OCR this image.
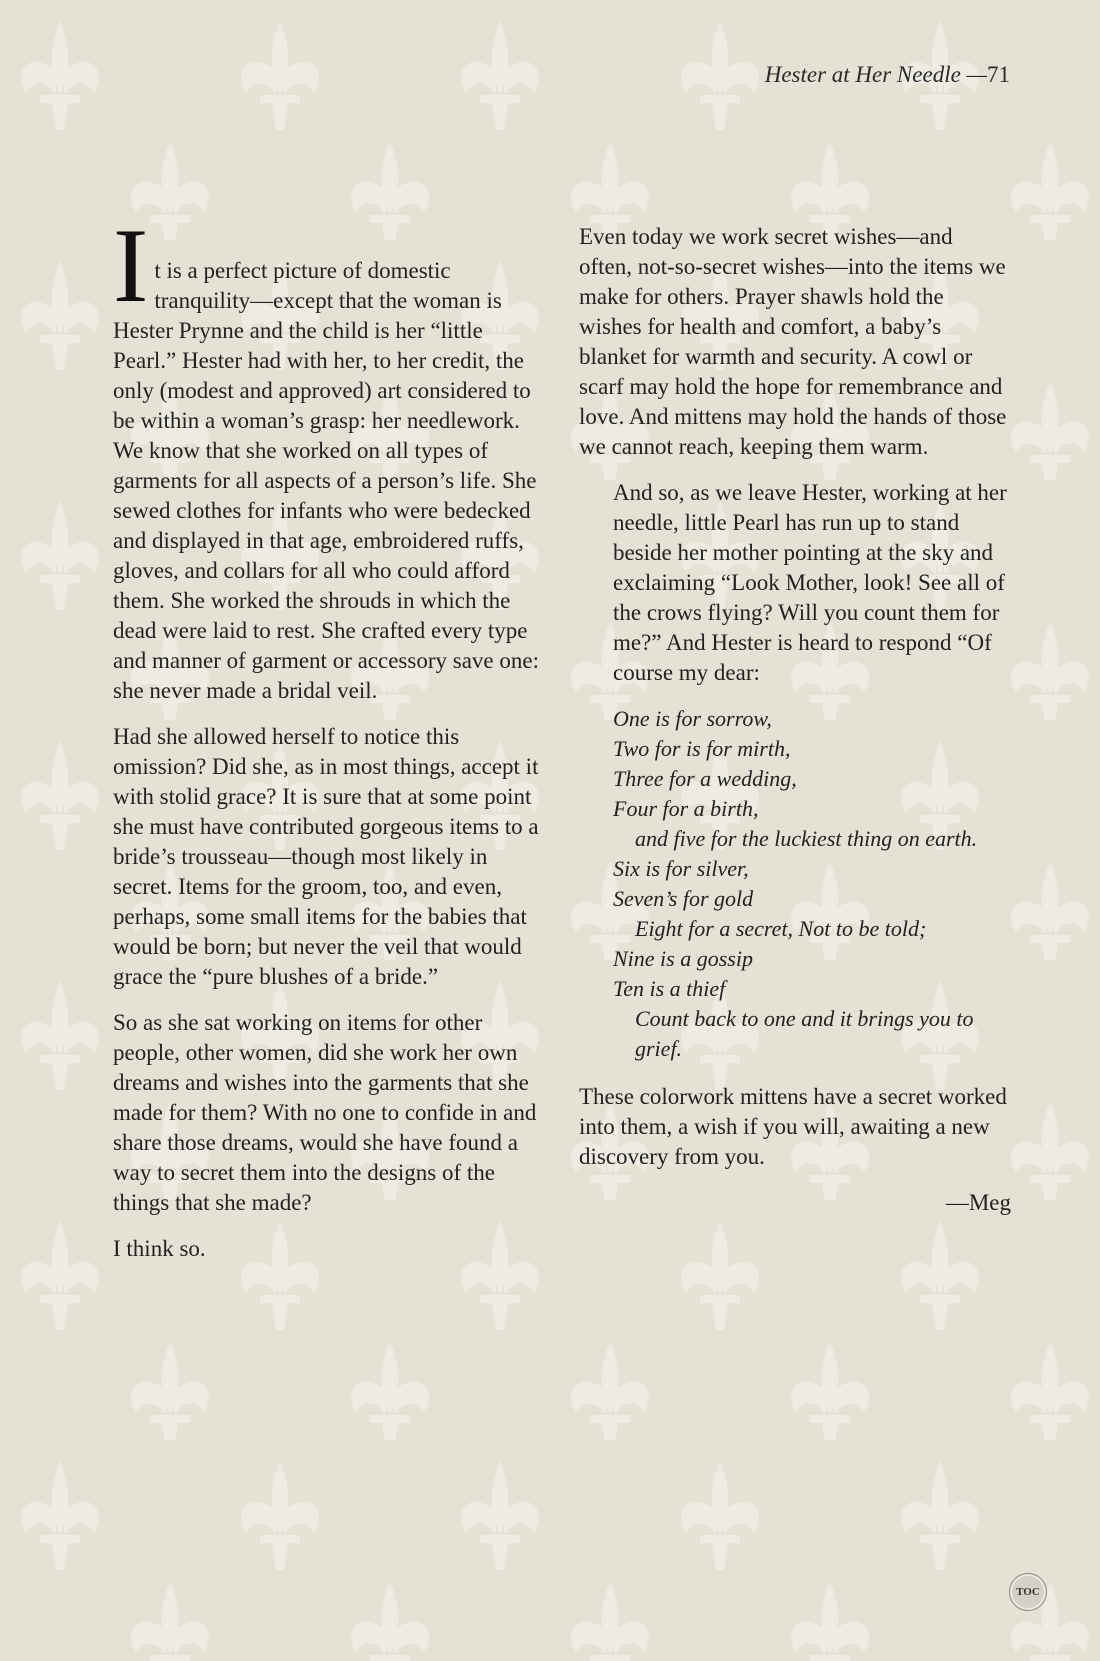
Hester at Her Needle —71

It is a perfect picture of domestic tranquility—except that the woman is Hester Prynne and the child is her “little Pearl.” Hester had with her, to her credit, the only (modest and approved) art considered to be within a woman’s grasp: her needlework. We know that she worked on all types of garments for all aspects of a person’s life. She sewed clothes for infants who were bedecked and displayed in that age, embroidered ruffs, gloves, and collars for all who could afford them. She worked the shrouds in which the dead were laid to rest. She crafted every type and manner of garment or accessory save one: she never made a bridal veil.

Had she allowed herself to notice this omission? Did she, as in most things, accept it with stolid grace? It is sure that at some point she must have contributed gorgeous items to a bride’s trousseau—though most likely in secret. Items for the groom, too, and even, perhaps, some small items for the babies that would be born; but never the veil that would grace the “pure blushes of a bride.”

So as she sat working on items for other people, other women, did she work her own dreams and wishes into the garments that she made for them? With no one to confide in and share those dreams, would she have found a way to secret them into the designs of the things that she made?

I think so.

Even today we work secret wishes—and often, not-so-secret wishes—into the items we make for others. Prayer shawls hold the wishes for health and comfort, a baby’s blanket for warmth and security. A cowl or scarf may hold the hope for remembrance and love. And mittens may hold the hands of those we cannot reach, keeping them warm.

And so, as we leave Hester, working at her needle, little Pearl has run up to stand beside her mother pointing at the sky and exclaiming “Look Mother, look! See all of the crows flying? Will you count them for me?” And Hester is heard to respond “Of course my dear:

One is for sorrow,
Two for is for mirth,
Three for a wedding,
Four for a birth,
and five for the luckiest thing on earth.
Six is for silver,
Seven’s for gold
Eight for a secret, Not to be told;
Nine is a gossip
Ten is a thief
Count back to one and it brings you to grief.

These colorwork mittens have a secret worked into them, a wish if you will, awaiting a new discovery from you.

—Meg

TOC
